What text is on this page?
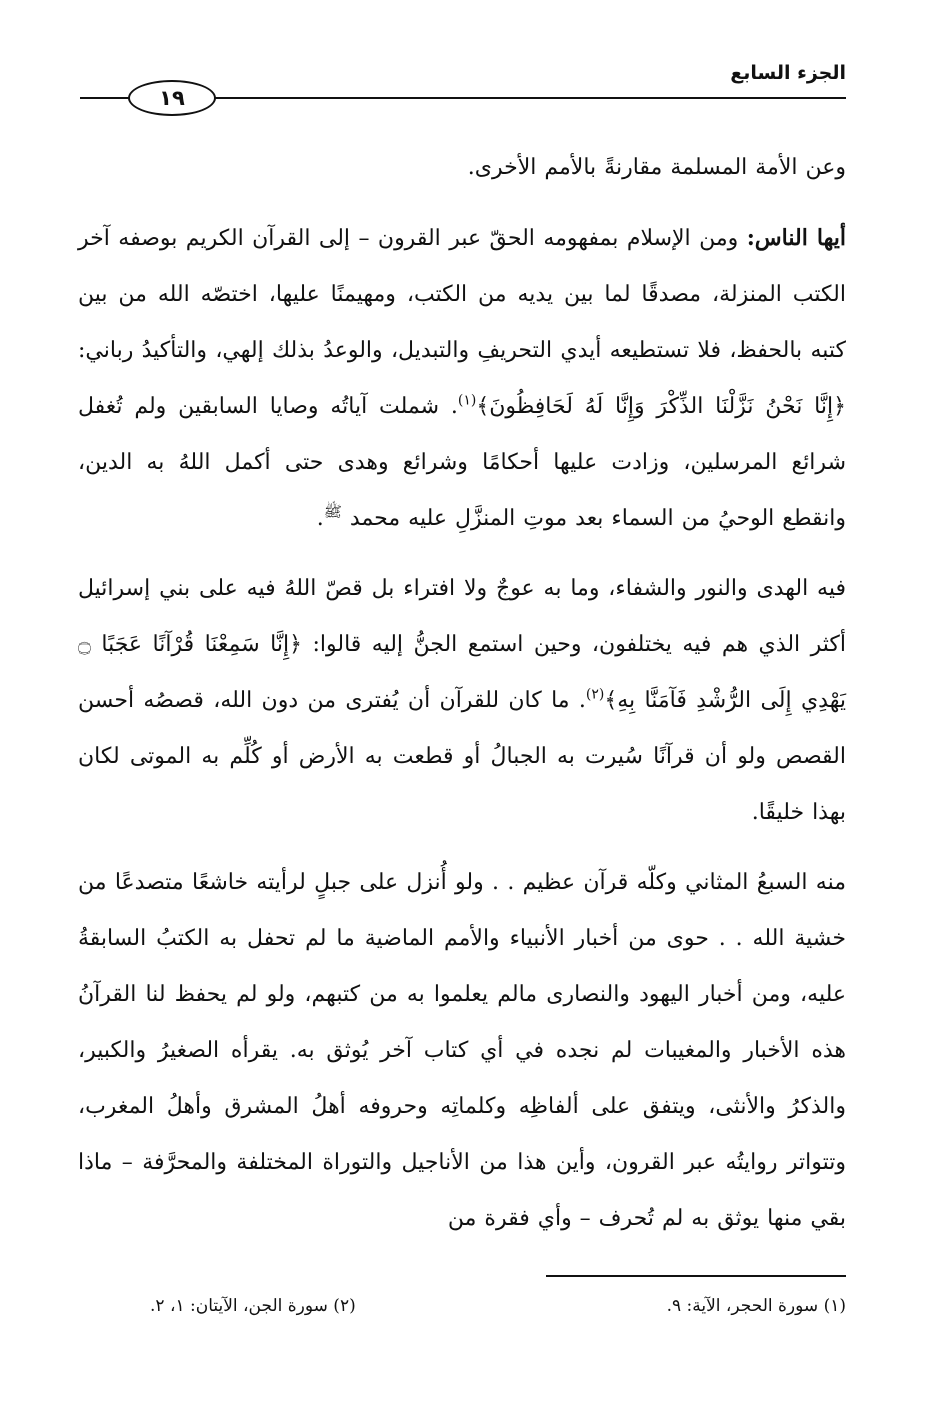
الجزء السابع
١٩

وعن الأمة المسلمة مقارنةً بالأمم الأخرى.

أيها الناس: ومن الإسلام بمفهومه الحقّ عبر القرون – إلى القرآن الكريم بوصفه آخر الكتب المنزلة، مصدقًا لما بين يديه من الكتب، ومهيمنًا عليها، اختصّه الله من بين كتبه بالحفظ، فلا تستطيعه أيدي التحريفِ والتبديل، والوعدُ بذلك إلهي، والتأكيدُ رباني: ﴿إِنَّا نَحْنُ نَزَّلْنَا الذِّكْرَ وَإِنَّا لَهُ لَحَافِظُونَ﴾$^{(١)}$. شملت آياتُه وصايا السابقين ولم تُغفل شرائع المرسلين، وزادت عليها أحكامًا وشرائع وهدى حتى أكمل اللهُ به الدين، وانقطع الوحيُ من السماء بعد موتِ المنزَّلِ عليه محمد $^ﷺ$.

فيه الهدى والنور والشفاء، وما به عوجٌ ولا افتراء بل قصّ اللهُ فيه على بني إسرائيل أكثر الذي هم فيه يختلفون، وحين استمع الجنُّ إليه قالوا: ﴿إِنَّا سَمِعْنَا قُرْآنًا عَجَبًا ۝ يَهْدِي إِلَى الرُّشْدِ فَآمَنَّا بِهِ﴾$^{(٢)}$. ما كان للقرآن أن يُفترى من دون الله، قصصُه أحسن القصص ولو أن قرآنًا سُيرت به الجبالُ أو قطعت به الأرض أو كُلِّم به الموتى لكان بهذا خليقًا.

منه السبعُ المثاني وكلّه قرآن عظيم . . ولو أُنزل على جبلٍ لرأيته خاشعًا متصدعًا من خشية الله . . حوى من أخبار الأنبياء والأمم الماضية ما لم تحفل به الكتبُ السابقةُ عليه، ومن أخبار اليهود والنصارى مالم يعلموا به من كتبهم، ولو لم يحفظ لنا القرآنُ هذه الأخبار والمغيبات لم نجده في أي كتاب آخر يُوثق به. يقرأه الصغيرُ والكبير، والذكرُ والأنثى، ويتفق على ألفاظِه وكلماتِه وحروفه أهلُ المشرق وأهلُ المغرب، وتتواتر روايتُه عبر القرون، وأين هذا من الأناجيل والتوراة المختلفة والمحرَّفة – ماذا بقي منها يوثق به لم تُحرف – وأي فقرة من

(١) سورة الحجر، الآية: ٩.
(٢) سورة الجن، الآيتان: ١، ٢.
